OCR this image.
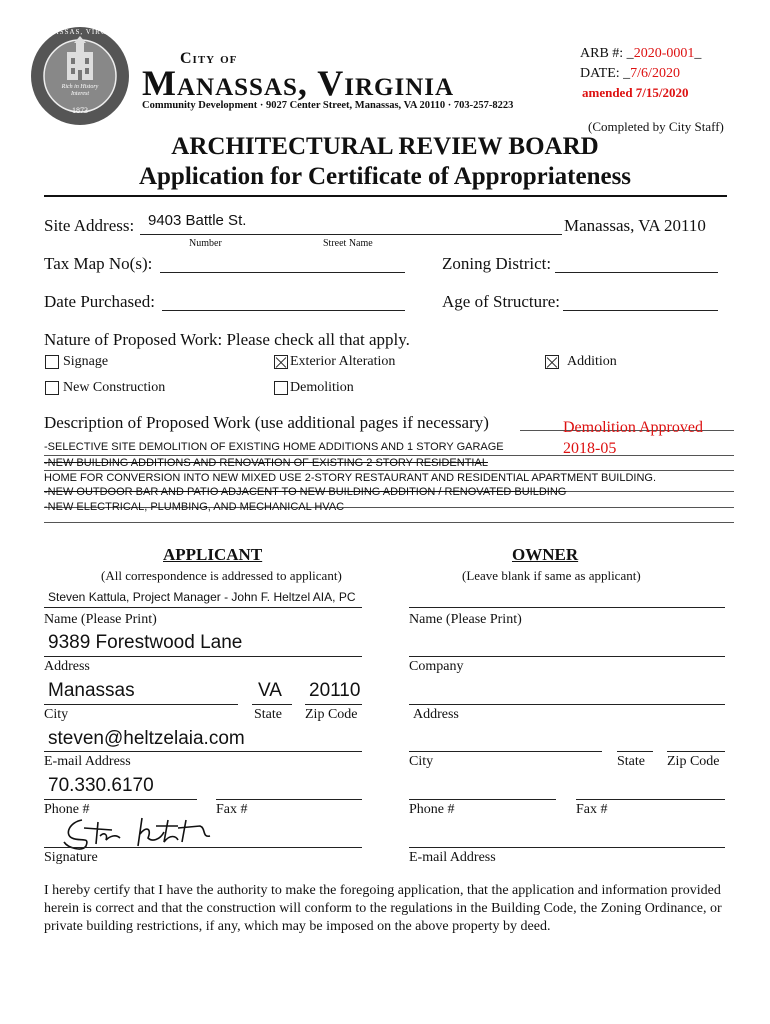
Rich in History Interest
1873
MANASSAS, VIRGINIA
City of
Manassas, Virginia
Community Development · 9027 Center Street, Manassas, VA 20110 · 703-257-8223
ARB #: _2020-0001_
DATE: _7/6/2020
amended 7/15/2020
(Completed by City Staff)
ARCHITECTURAL REVIEW BOARD
Application for Certificate of Appropriateness
Site Address: 9403 Battle St.	Manassas, VA 20110
Number	Street Name
Tax Map No(s):	Zoning District:
Date Purchased:	Age of Structure:
Nature of Proposed Work: Please check all that apply.
Signage	Exterior Alteration	Addition
New Construction	Demolition
Description of Proposed Work (use additional pages if necessary)	Demolition Approved
2018-05
-SELECTIVE SITE DEMOLITION OF EXISTING HOME ADDITIONS AND 1 STORY GARAGE
-NEW BUILDING ADDITIONS AND RENOVATION OF EXISTING 2 STORY RESIDENTIAL
HOME FOR CONVERSION INTO NEW MIXED USE 2-STORY RESTAURANT AND RESIDENTIAL APARTMENT BUILDING.
-NEW OUTDOOR BAR AND PATIO ADJACENT TO NEW BUILDING ADDITION / RENOVATED BUILDING
-NEW ELECTRICAL, PLUMBING, AND MECHANICAL HVAC
APPLICANT
(All correspondence is addressed to applicant)
Steven Kattula, Project Manager - John F. Heltzel AIA, PC
Name (Please Print)
9389 Forestwood Lane
Address
Manassas	VA 20110
City	State Zip Code
steven@heltzelaia.com
E-mail Address
70.330.6170
Phone #	Fax #
Signature
OWNER
(Leave blank if same as applicant)
Name (Please Print)
Company
Address
City	State Zip Code
Phone #	Fax #
E-mail Address
I hereby certify that I have the authority to make the foregoing application, that the application and information provided herein is correct and that the construction will conform to the regulations in the Building Code, the Zoning Ordinance, or private building restrictions, if any, which may be imposed on the above property by deed.
